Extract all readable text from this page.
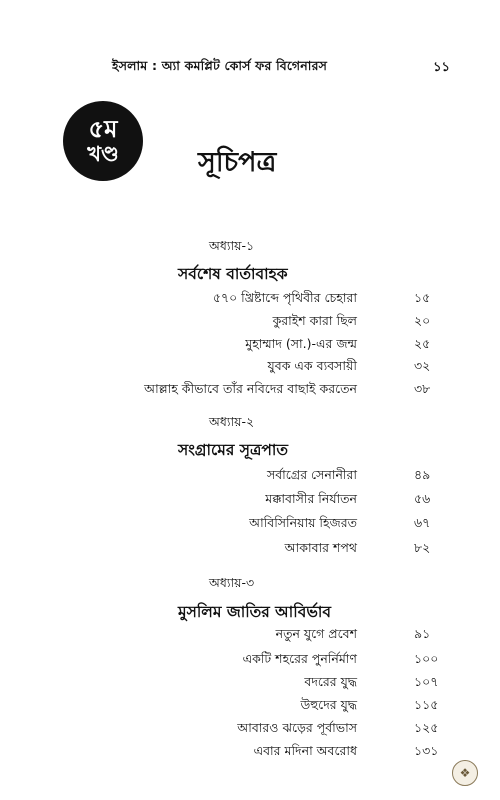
ইসলাম : অ্যা কমপ্লিট কোর্স ফর বিগেনারস	১১
৫ম
খণ্ড	সূচিপত্র
অধ্যায়-১
সর্বশেষ বার্তাবাহক
৫৭০ খ্রিষ্টাব্দে পৃথিবীর চেহারা	১৫
কুরাইশ কারা ছিল	২০
মুহাম্মাদ (সা.)-এর জন্ম	২৫
যুবক এক ব্যবসায়ী	৩২
আল্লাহ কীভাবে তাঁর নবিদের বাছাই করতেন	৩৮
অধ্যায়-২
সংগ্রামের সূত্রপাত
সর্বাগ্রের সেনানীরা	৪৯
মক্কাবাসীর নির্যাতন	৫৬
আবিসিনিয়ায় হিজরত	৬৭
আকাবার শপথ	৮২
অধ্যায়-৩
মুসলিম জাতির আবির্ভাব
নতুন যুগে প্রবেশ	৯১
একটি শহরের পুনর্নির্মাণ	১০০
বদরের যুদ্ধ	১০৭
উহুদের যুদ্ধ	১১৫
আবারও ঝড়ের পূর্বাভাস	১২৫
এবার মদিনা অবরোধ	১৩১
❖
